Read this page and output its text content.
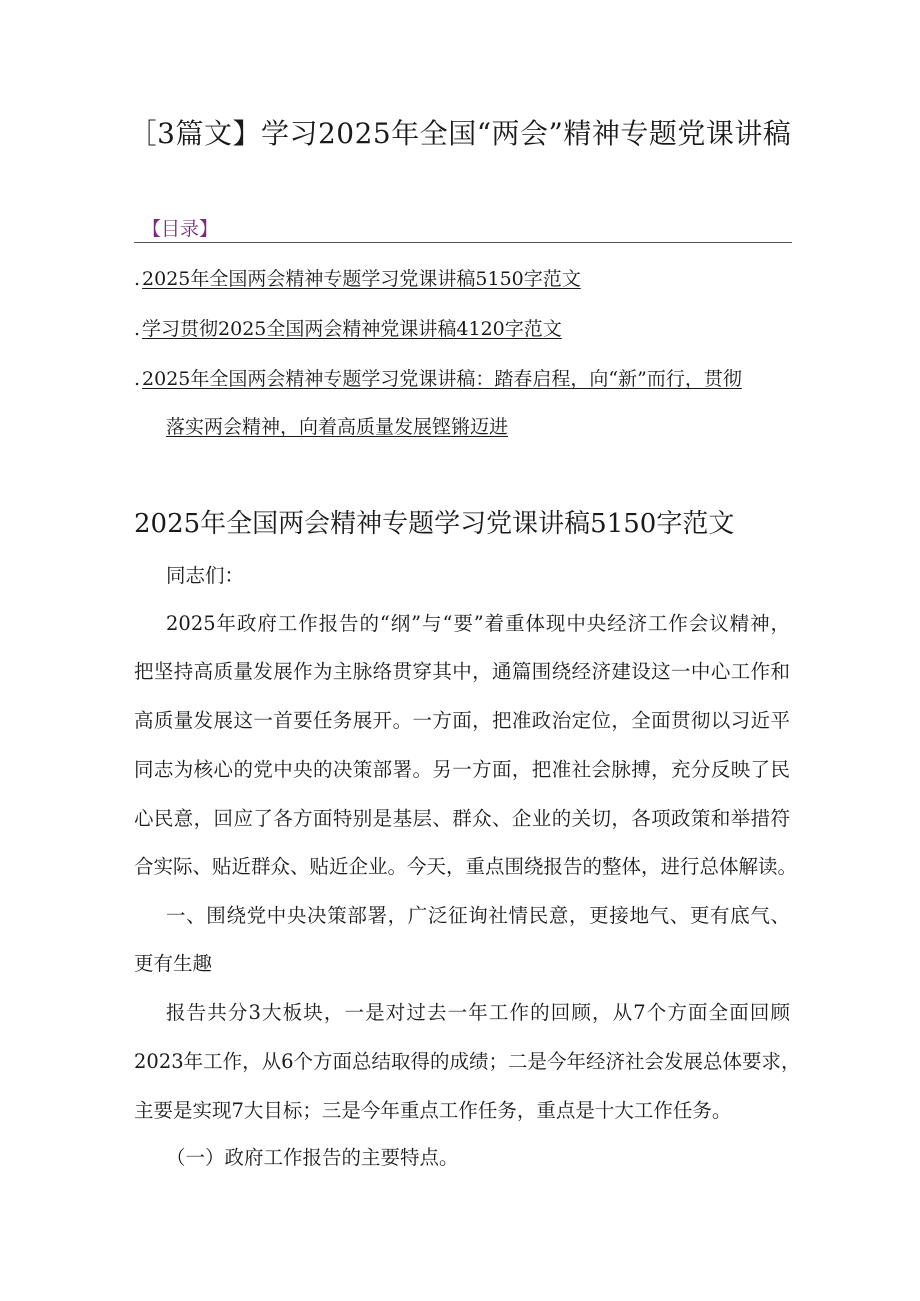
［3篇文】学习2025年全国“两会”精神专题党课讲稿
【目录】
. 2025年全国两会精神专题学习党课讲稿5150字范文
. 学习贯彻2025全国两会精神党课讲稿4120字范文
. 2025年全国两会精神专题学习党课讲稿：踏春启程，向“新”而行，贯彻
落实两会精神，向着高质量发展铿锵迈进
2025年全国两会精神专题学习党课讲稿5150字范文
同志们：
2025年政府工作报告的“纲”与“要”着重体现中央经济工作会议精神，
把坚持高质量发展作为主脉络贯穿其中，通篇围绕经济建设这一中心工作和
高质量发展这一首要任务展开。一方面，把准政治定位，全面贯彻以习近平
同志为核心的党中央的决策部署。另一方面，把准社会脉搏，充分反映了民
心民意，回应了各方面特别是基层、群众、企业的关切，各项政策和举措符
合实际、贴近群众、贴近企业。今天，重点围绕报告的整体，进行总体解读。
一、围绕党中央决策部署，广泛征询社情民意，更接地气、更有底气、
更有生趣
报告共分3大板块，一是对过去一年工作的回顾，从7个方面全面回顾
2023年工作，从6个方面总结取得的成绩；二是今年经济社会发展总体要求，
主要是实现7大目标；三是今年重点工作任务，重点是十大工作任务。
（一）政府工作报告的主要特点。
